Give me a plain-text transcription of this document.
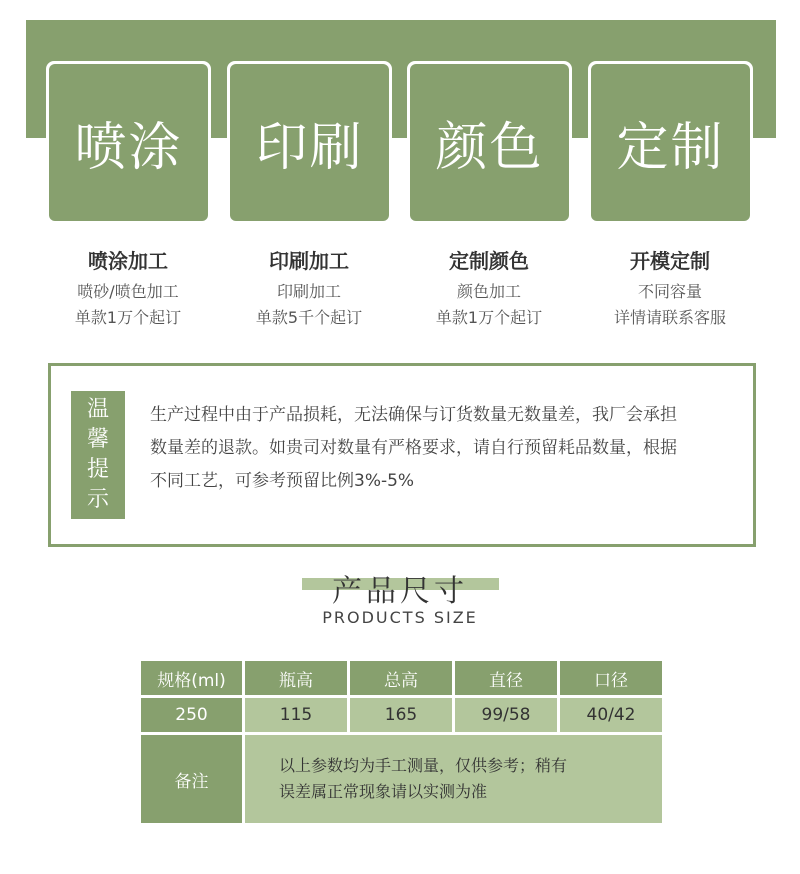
喷涂 印刷 颜色 定制
喷涂加工
喷砂/喷色加工
单款1万个起订
印刷加工
印刷加工
单款5千个起订
定制颜色
颜色加工
单款1万个起订
开模定制
不同容量
详情请联系客服
温
馨
提
示
生产过程中由于产品损耗，无法确保与订货数量无数量差，我厂会承担
数量差的退款。如贵司对数量有严格要求，请自行预留耗品数量，根据
不同工艺，可参考预留比例3%-5%
产品尺寸
PRODUCTS SIZE
规格(ml)	瓶高	总高	直径	口径
250	115	165	99/58	40/42
备注	以上参数均为手工测量，仅供参考；稍有
误差属正常现象请以实测为准			
